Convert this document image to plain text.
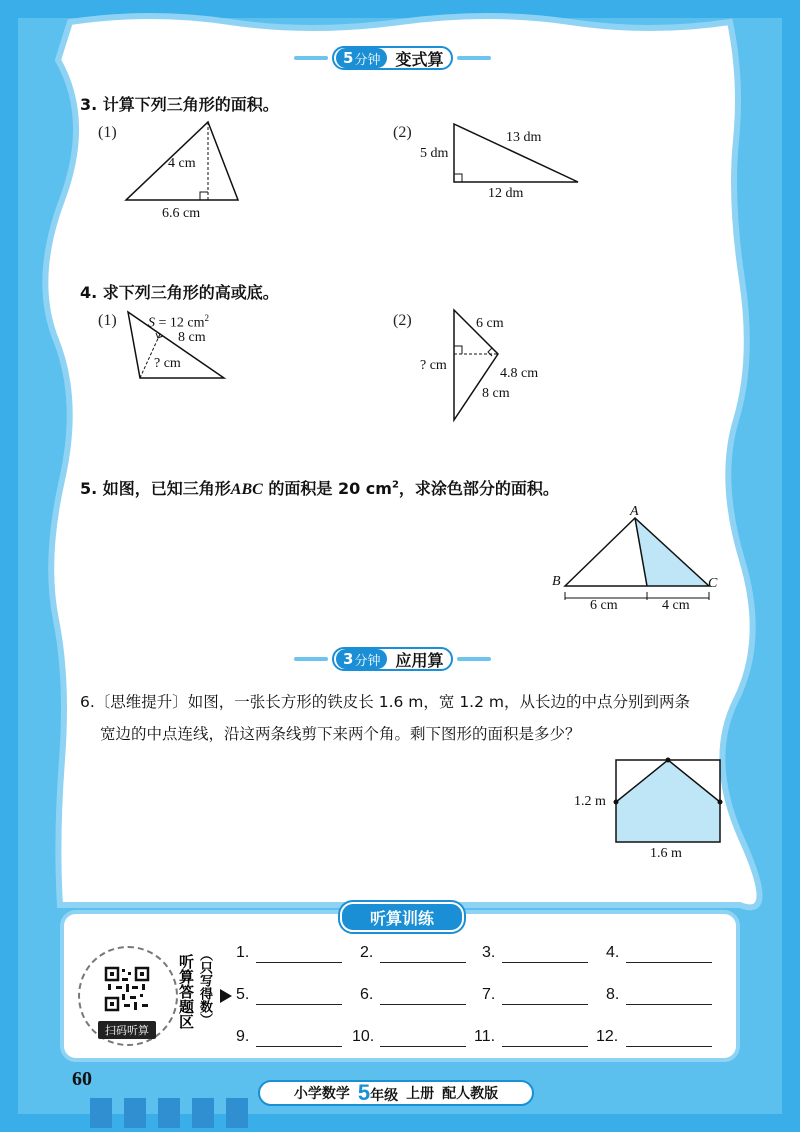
5 分钟 变式算
3. 计算下列三角形的面积。
(1)
4 cm
6.6 cm
(2)
5 dm
13 dm
12 dm
4. 求下列三角形的高或底。
(1) S = 12 $cm^2$
8 cm
? cm
(2)	6 cm
? cm
4.8 cm
8 cm
5. 如图，已知三角形ABC 的面积是 20 $cm^2$，求涂色部分的面积。
A
B	C
6 cm	4 cm
3 分钟 应用算
6.〔思维提升〕如图，一张长方形的铁皮长 1.6 m，宽 1.2 m，从长边的中点分别到两条
宽边的中点连线，沿这两条线剪下来两个角。剩下图形的面积是多少？
1.2 m
1.6 m
听算训练
扫码听算
听算答题区 （只写得数） 1.	2.	3.	4.
5.	6.	7.	8.
9.	10.	11.	12.
60
小学数学 5年级 上册 配人教版
